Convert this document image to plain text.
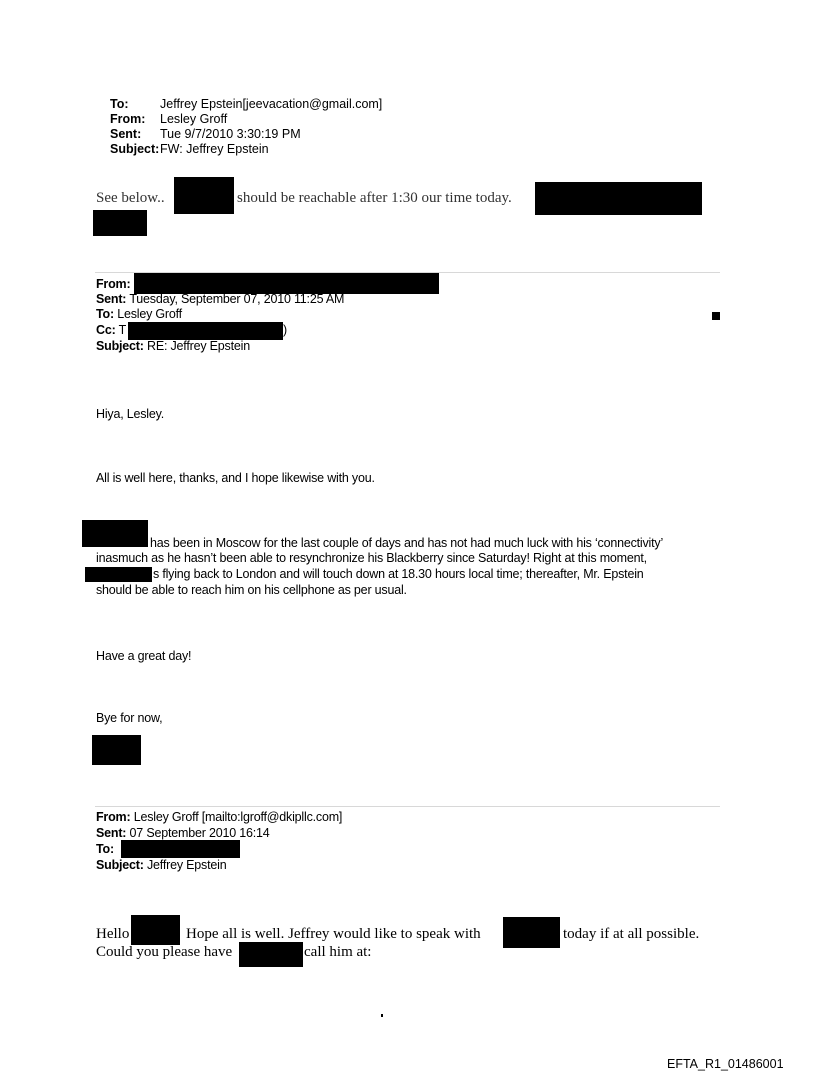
To:	Jeffrey Epstein[jeevacation@gmail.com]
From: Lesley Groff
Sent: Tue 9/7/2010 3:30:19 PM
Subject:FW: Jeffrey Epstein
See below..	should be reachable after 1:30 our time today.
From:
Sent: Tuesday, September 07, 2010 11:25 AM
To: Lesley Groff
Cc: T	)
Subject: RE: Jeffrey Epstein
Hiya, Lesley.
All is well here, thanks, and I hope likewise with you.
has been in Moscow for the last couple of days and has not had much luck with his ‘connectivity’
inasmuch as he hasn’t been able to resynchronize his Blackberry since Saturday! Right at this moment,
s flying back to London and will touch down at 18.30 hours local time; thereafter, Mr. Epstein
should be able to reach him on his cellphone as per usual.
Have a great day!
Bye for now,
From: Lesley Groff [mailto:lgroff@dkipllc.com]
Sent: 07 September 2010 16:14
To:
Subject: Jeffrey Epstein
Hello	Hope all is well. Jeffrey would like to speak with	today if at all possible.
Could you please have	call him at:
EFTA_R1_01486001
